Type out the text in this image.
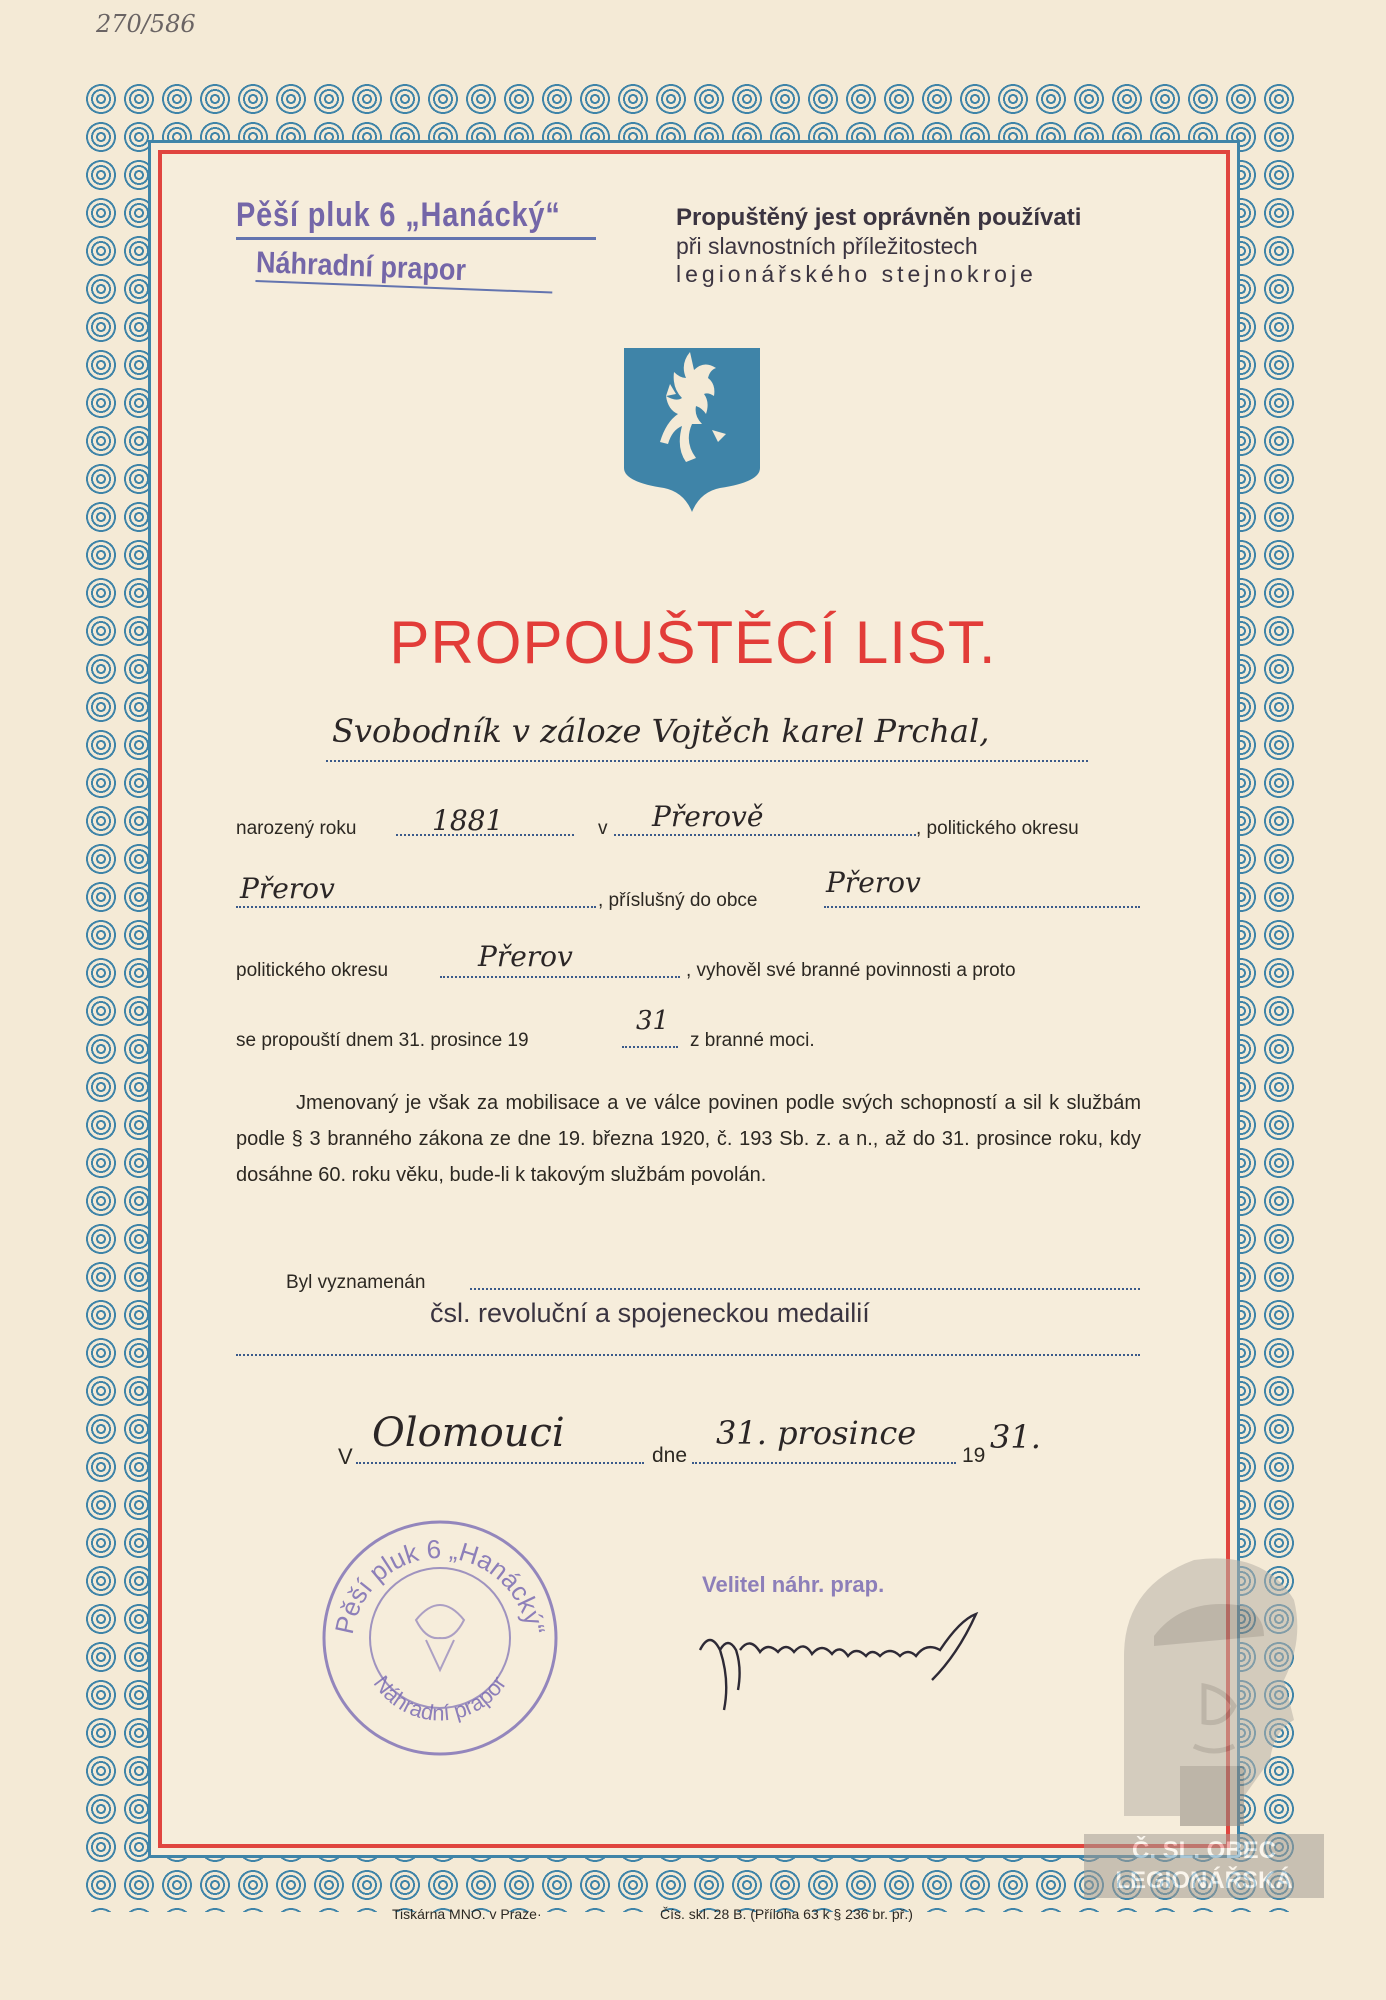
270/586
Pěší pluk 6 „Hanácký“
Náhradní prapor
Propuštěný jest oprávněn používati
při slavnostních příležitostech
legionářského stejnokroje
PROPOUŠTĚCÍ LIST.
Svobodník v záloze Vojtěch karel Prchal,
narozený roku	1881	v Přerově	, politického okresu
Přerov	, příslušný do obce
Přerov
politického okresu	Přerov	, vyhověl své branné povinnosti a proto
se propouští dnem 31. prosince 19
31
z branné moci.
Jmenovaný je však za mobilisace a ve válce povinen podle svých schopností a sil k službám podle § 3 branného zákona ze dne 19. března 1920, č. 193 Sb. z. a n., až do 31. prosince roku, kdy dosáhne 60. roku věku, bude-li k takovým službám povolán.
Byl vyznamenán
čsl. revoluční a spojeneckou medailií
V
Olomouci	dne
31. prosince
19 31.
Pěší pluk 6 „Hanácký“
Náhradní prapor
Velitel náhr. prap.
Č. SL. OBEC LEGIONÁŘSKÁ
Tiskárna MNO. v Praze·	Čís. skl. 28 B. (Příloha 63 k § 236 br. př.)
